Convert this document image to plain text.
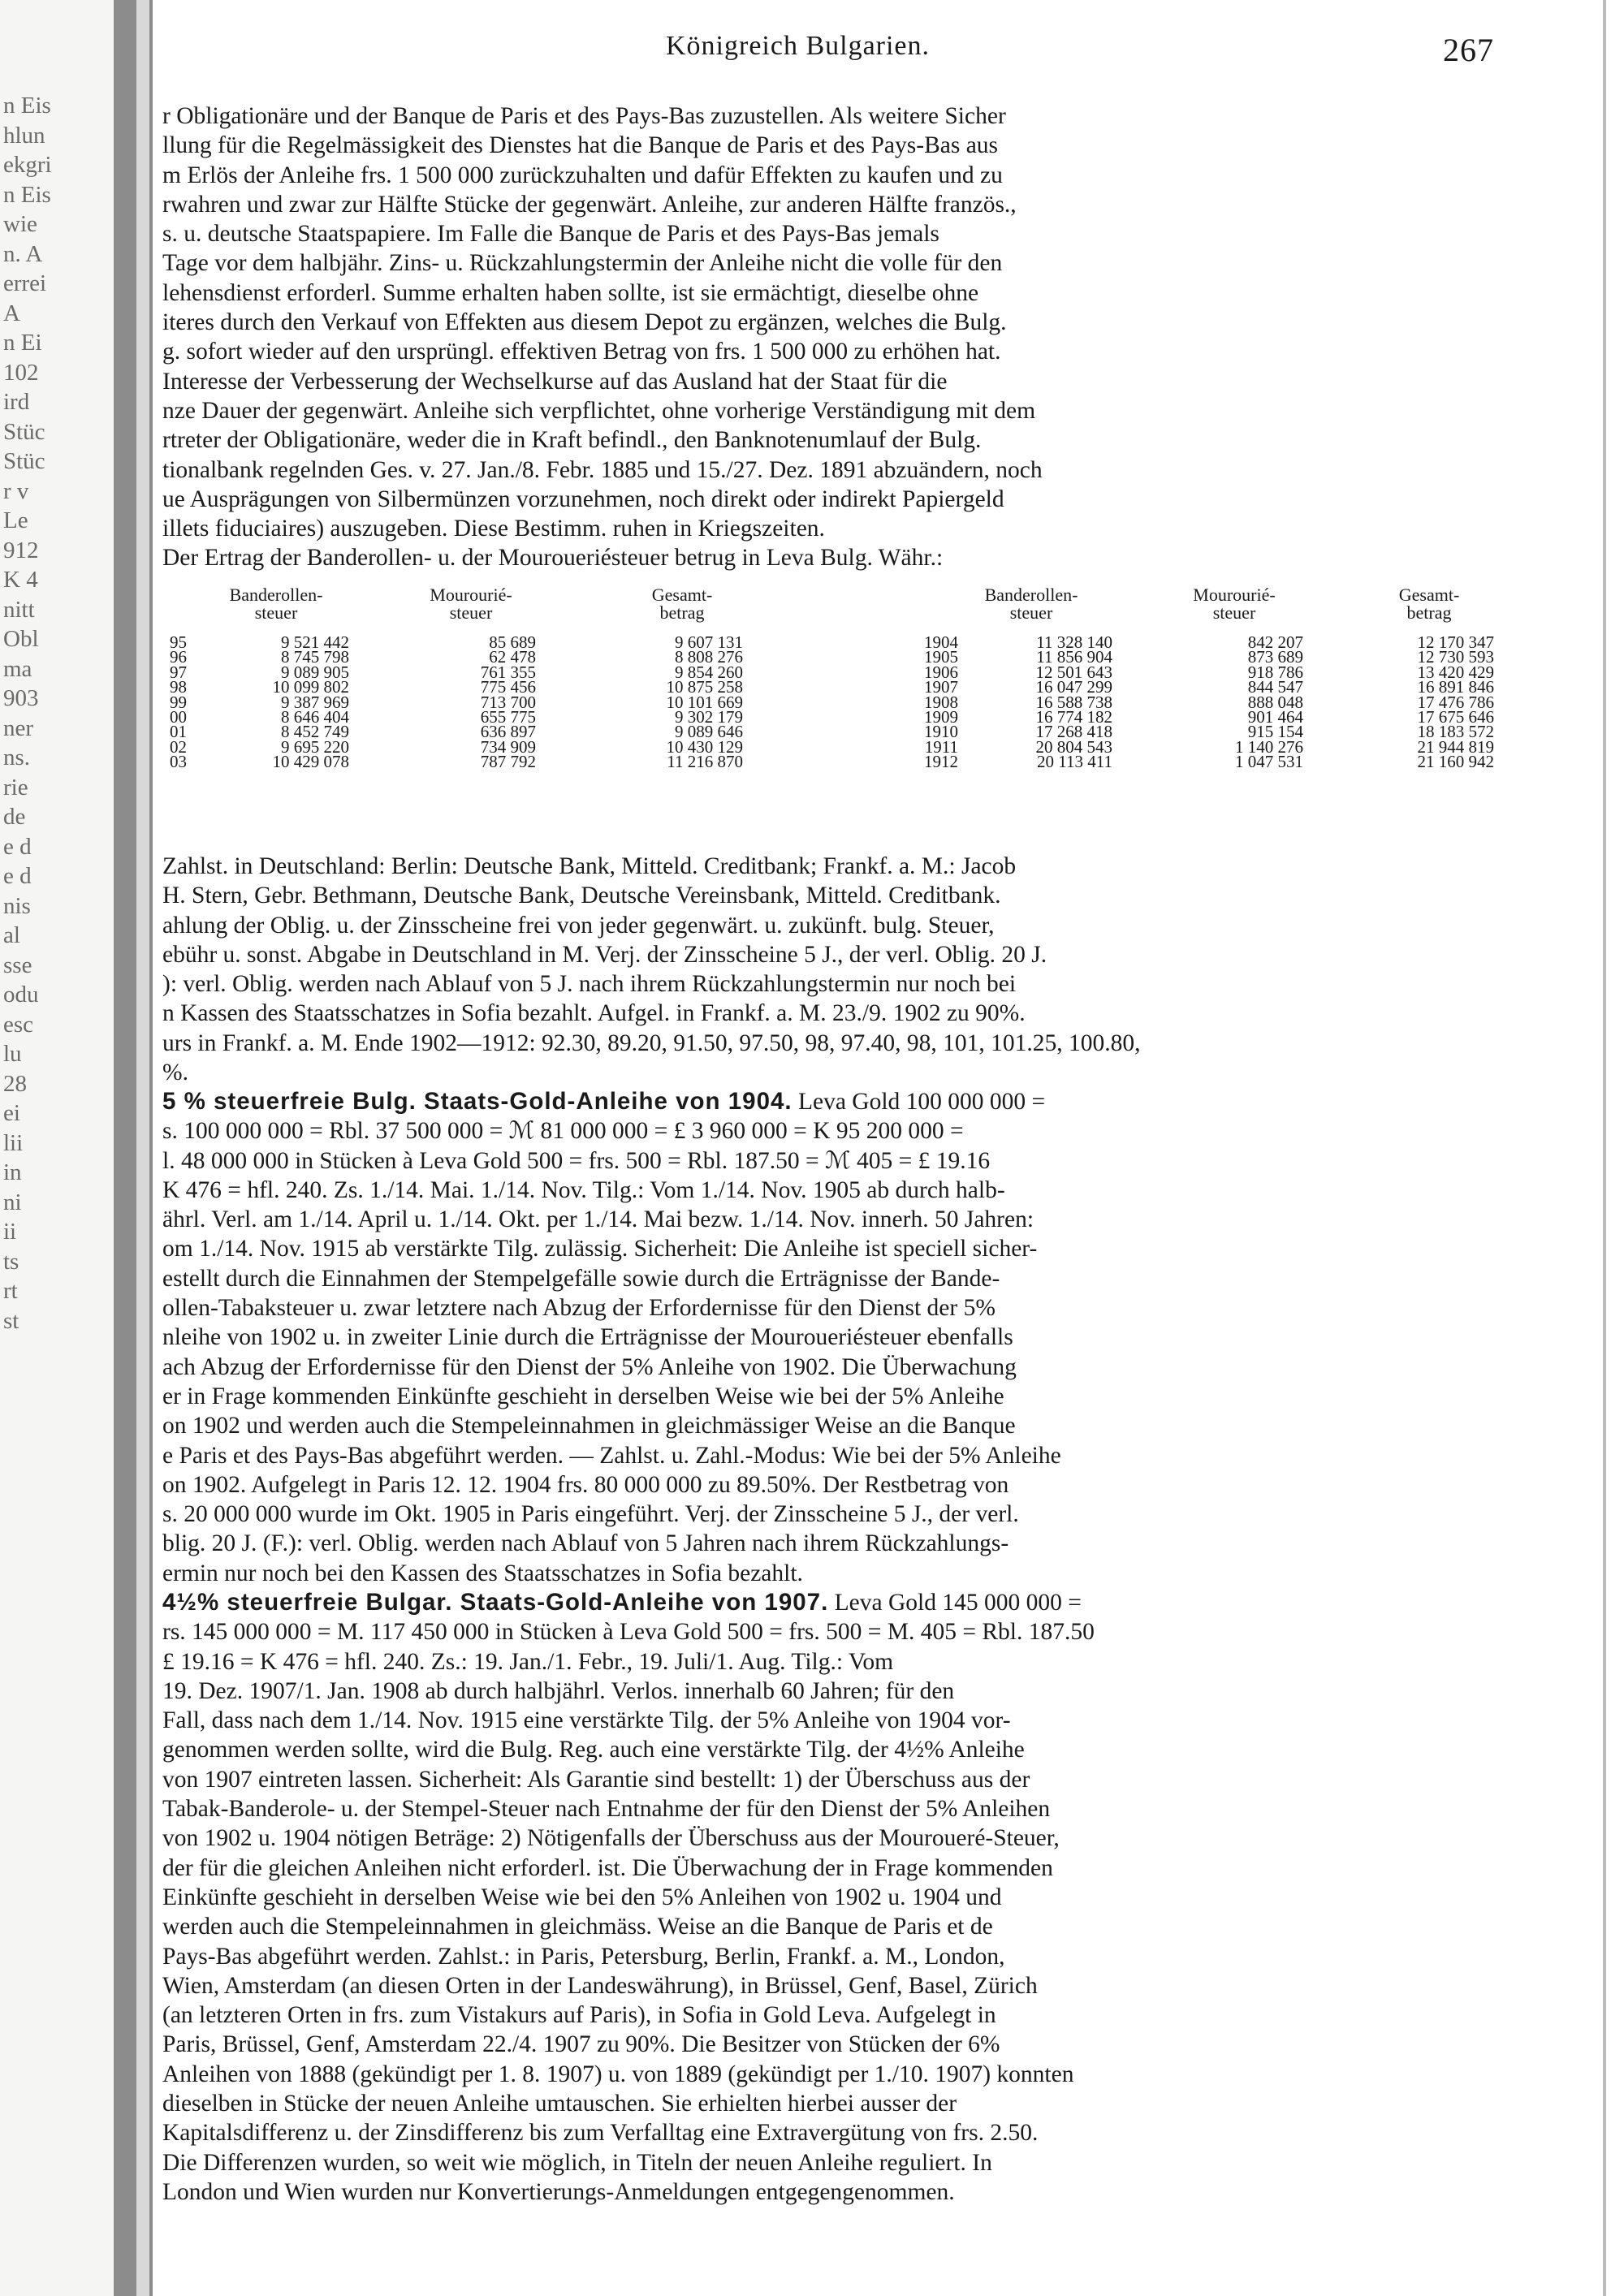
n Eis
hlun
ekgri
n Eis
wie
n. A
errei
A
n Ei
102
ird
Stüc
Stüc
r v
Le
912
K 4
nitt
Obl
ma
903
ner
ns.
rie
de
e d
e d
nis
al
sse
odu
esc
lu
28
ei
lii
in
ni
ii
ts
rt
st
Königreich Bulgarien.	267

r Obligationäre und der Banque de Paris et des Pays-Bas zuzustellen. Als weitere Sicher

llung für die Regelmässigkeit des Dienstes hat die Banque de Paris et des Pays-Bas aus

m Erlös der Anleihe frs. 1 500 000 zurückzuhalten und dafür Effekten zu kaufen und zu

rwahren und zwar zur Hälfte Stücke der gegenwärt. Anleihe, zur anderen Hälfte französ.,

s. u. deutsche Staatspapiere. Im Falle die Banque de Paris et des Pays-Bas jemals

Tage vor dem halbjähr. Zins- u. Rückzahlungstermin der Anleihe nicht die volle für den

lehensdienst erforderl. Summe erhalten haben sollte, ist sie ermächtigt, dieselbe ohne

iteres durch den Verkauf von Effekten aus diesem Depot zu ergänzen, welches die Bulg.

g. sofort wieder auf den ursprüngl. effektiven Betrag von frs. 1 500 000 zu erhöhen hat.

Interesse der Verbesserung der Wechselkurse auf das Ausland hat der Staat für die

nze Dauer der gegenwärt. Anleihe sich verpflichtet, ohne vorherige Verständigung mit dem

rtreter der Obligationäre, weder die in Kraft befindl., den Banknotenumlauf der Bulg.

tionalbank regelnden Ges. v. 27. Jan./8. Febr. 1885 und 15./27. Dez. 1891 abzuändern, noch

ue Ausprägungen von Silbermünzen vorzunehmen, noch direkt oder indirekt Papiergeld

illets fiduciaires) auszugeben. Diese Bestimm. ruhen in Kriegszeiten.

Der Ertrag der Banderollen- u. der Mouroueriésteuer betrug in Leva Bulg. Währ.:

Banderollen-
steuer
Mourourié-
steuer
Gesamt-
betrag
Banderollen-
steuer
Mourourié-
steuer
Gesamt-
betrag
95
96
97
98
99
00
01
02
03
9 521 442
8 745 798
9 089 905
10 099 802
9 387 969
8 646 404
8 452 749
9 695 220
10 429 078
85 689
62 478
761 355
775 456
713 700
655 775
636 897
734 909
787 792
9 607 131
8 808 276
9 854 260
10 875 258
10 101 669
9 302 179
9 089 646
10 430 129
11 216 870
1904
1905
1906
1907
1908
1909
1910
1911
1912
11 328 140
11 856 904
12 501 643
16 047 299
16 588 738
16 774 182
17 268 418
20 804 543
20 113 411
842 207
873 689
918 786
844 547
888 048
901 464
915 154
1 140 276
1 047 531
12 170 347
12 730 593
13 420 429
16 891 846
17 476 786
17 675 646
18 183 572
21 944 819
21 160 942

Zahlst. in Deutschland: Berlin: Deutsche Bank, Mitteld. Creditbank; Frankf. a. M.: Jacob

H. Stern, Gebr. Bethmann, Deutsche Bank, Deutsche Vereinsbank, Mitteld. Creditbank.

ahlung der Oblig. u. der Zinsscheine frei von jeder gegenwärt. u. zukünft. bulg. Steuer,

ebühr u. sonst. Abgabe in Deutschland in M. Verj. der Zinsscheine 5 J., der verl. Oblig. 20 J.

): verl. Oblig. werden nach Ablauf von 5 J. nach ihrem Rückzahlungstermin nur noch bei

n Kassen des Staatsschatzes in Sofia bezahlt. Aufgel. in Frankf. a. M. 23./9. 1902 zu 90%.

urs in Frankf. a. M. Ende 1902—1912: 92.30, 89.20, 91.50, 97.50, 98, 97.40, 98, 101, 101.25, 100.80,

%.

5 % steuerfreie Bulg. Staats-Gold-Anleihe von 1904. Leva Gold 100 000 000 =

s. 100 000 000 = Rbl. 37 500 000 = ℳ 81 000 000 = £ 3 960 000 = K 95 200 000 =

l. 48 000 000 in Stücken à Leva Gold 500 = frs. 500 = Rbl. 187.50 = ℳ 405 = £ 19.16

K 476 = hfl. 240. Zs. 1./14. Mai. 1./14. Nov. Tilg.: Vom 1./14. Nov. 1905 ab durch halb-

ährl. Verl. am 1./14. April u. 1./14. Okt. per 1./14. Mai bezw. 1./14. Nov. innerh. 50 Jahren:

om 1./14. Nov. 1915 ab verstärkte Tilg. zulässig. Sicherheit: Die Anleihe ist speciell sicher-

estellt durch die Einnahmen der Stempelgefälle sowie durch die Erträgnisse der Bande-

ollen-Tabaksteuer u. zwar letztere nach Abzug der Erfordernisse für den Dienst der 5%

nleihe von 1902 u. in zweiter Linie durch die Erträgnisse der Mouroueriésteuer ebenfalls

ach Abzug der Erfordernisse für den Dienst der 5% Anleihe von 1902. Die Überwachung

er in Frage kommenden Einkünfte geschieht in derselben Weise wie bei der 5% Anleihe

on 1902 und werden auch die Stempeleinnahmen in gleichmässiger Weise an die Banque

e Paris et des Pays-Bas abgeführt werden. — Zahlst. u. Zahl.-Modus: Wie bei der 5% Anleihe

on 1902. Aufgelegt in Paris 12. 12. 1904 frs. 80 000 000 zu 89.50%. Der Restbetrag von

s. 20 000 000 wurde im Okt. 1905 in Paris eingeführt. Verj. der Zinsscheine 5 J., der verl.

blig. 20 J. (F.): verl. Oblig. werden nach Ablauf von 5 Jahren nach ihrem Rückzahlungs-

ermin nur noch bei den Kassen des Staatsschatzes in Sofia bezahlt.

4½% steuerfreie Bulgar. Staats-Gold-Anleihe von 1907. Leva Gold 145 000 000 =

rs. 145 000 000 = M. 117 450 000 in Stücken à Leva Gold 500 = frs. 500 = M. 405 = Rbl. 187.50

£ 19.16 = K 476 = hfl. 240. Zs.: 19. Jan./1. Febr., 19. Juli/1. Aug. Tilg.: Vom

19. Dez. 1907/1. Jan. 1908 ab durch halbjährl. Verlos. innerhalb 60 Jahren; für den

Fall, dass nach dem 1./14. Nov. 1915 eine verstärkte Tilg. der 5% Anleihe von 1904 vor-

genommen werden sollte, wird die Bulg. Reg. auch eine verstärkte Tilg. der 4½% Anleihe

von 1907 eintreten lassen. Sicherheit: Als Garantie sind bestellt: 1) der Überschuss aus der

Tabak-Banderole- u. der Stempel-Steuer nach Entnahme der für den Dienst der 5% Anleihen

von 1902 u. 1904 nötigen Beträge: 2) Nötigenfalls der Überschuss aus der Mouroueré-Steuer,

der für die gleichen Anleihen nicht erforderl. ist. Die Überwachung der in Frage kommenden

Einkünfte geschieht in derselben Weise wie bei den 5% Anleihen von 1902 u. 1904 und

werden auch die Stempeleinnahmen in gleichmäss. Weise an die Banque de Paris et de

Pays-Bas abgeführt werden. Zahlst.: in Paris, Petersburg, Berlin, Frankf. a. M., London,

Wien, Amsterdam (an diesen Orten in der Landeswährung), in Brüssel, Genf, Basel, Zürich

(an letzteren Orten in frs. zum Vistakurs auf Paris), in Sofia in Gold Leva. Aufgelegt in

Paris, Brüssel, Genf, Amsterdam 22./4. 1907 zu 90%. Die Besitzer von Stücken der 6%

Anleihen von 1888 (gekündigt per 1. 8. 1907) u. von 1889 (gekündigt per 1./10. 1907) konnten

dieselben in Stücke der neuen Anleihe umtauschen. Sie erhielten hierbei ausser der

Kapitalsdifferenz u. der Zinsdifferenz bis zum Verfalltag eine Extravergütung von frs. 2.50.

Die Differenzen wurden, so weit wie möglich, in Titeln der neuen Anleihe reguliert. In

London und Wien wurden nur Konvertierungs-Anmeldungen entgegengenommen.
